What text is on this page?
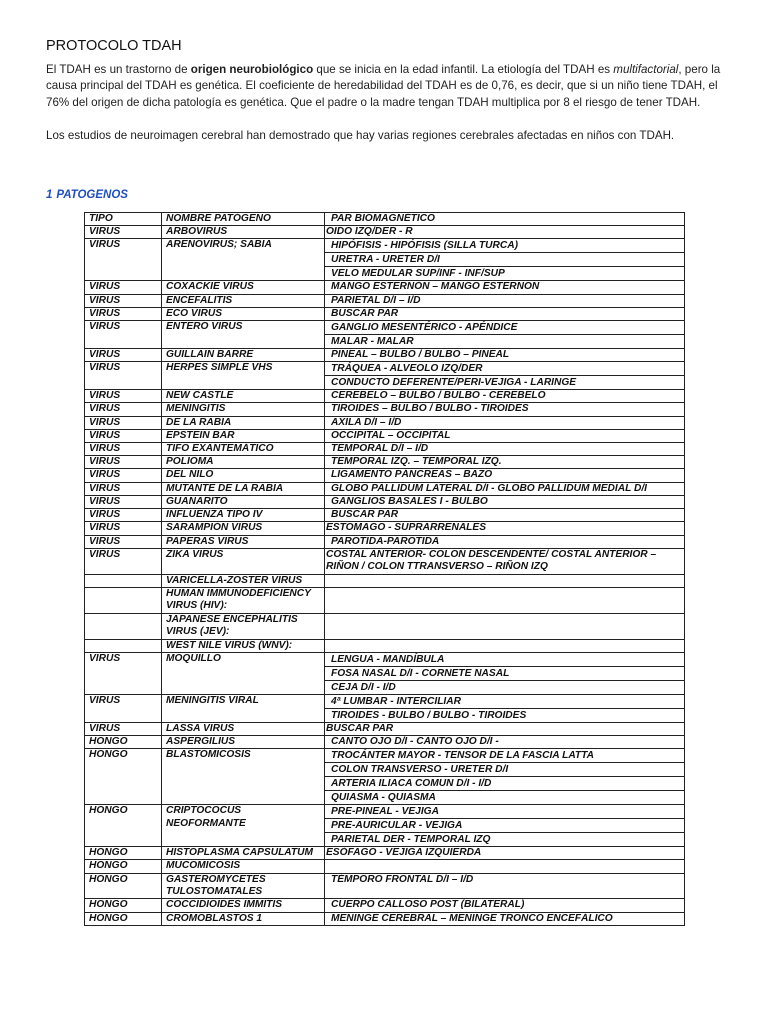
PROTOCOLO TDAH
El TDAH es un trastorno de origen neurobiológico que se inicia en la edad infantil. La etiología del TDAH es multifactorial, pero la causa principal del TDAH es genética. El coeficiente de heredabilidad del TDAH es de 0,76, es decir, que si un niño tiene TDAH, el 76% del origen de dicha patología es genética. Que el padre o la madre tengan TDAH multiplica por 8 el riesgo de tener TDAH.
Los estudios de neuroimagen cerebral han demostrado que hay varias regiones cerebrales afectadas en niños con TDAH.
1 PATOGENOS
TIPO	NOMBRE PATÓGENO	PAR BIOMAGNÉTICO
VIRUS	ARBOVIRUS	OIDO IZQ/DER - R
VIRUS	ARENOVIRUS; SABIA	HIPÓFISIS - HIPÓFISIS (SILLA TURCA)
URETRA - URETER D/I
VELO MEDULAR SUP/INF - INF/SUP

VIRUS	COXACKIE VIRUS	MANGO ESTERNÓN – MANGO ESTERNON
VIRUS	ENCEFALITIS	PARIETAL D/I – I/D
VIRUS	ECO VIRUS	BUSCAR PAR
VIRUS	ENTERO VIRUS	GANGLIO MESENTÉRICO - APÉNDICE
MALAR - MALAR

VIRUS	GUILLAIN BARRE	PINEAL – BULBO / BULBO – PINEAL
VIRUS	HERPES SIMPLE VHS	TRÁQUEA - ALVEOLO IZQ/DER
CONDUCTO DEFERENTE/PERI-VEJIGA - LARINGE

VIRUS	NEW CASTLE	CEREBELO – BULBO / BULBO - CEREBELO
VIRUS	MENINGITIS	TIROIDES – BULBO / BULBO - TIROIDES
VIRUS	DE LA RABIA	AXILA D/I – I/D
VIRUS	EPSTEIN BAR	OCCIPITAL – OCCIPITAL
VIRUS	TIFO EXANTEMÁTICO	TEMPORAL D/I – I/D
VIRUS	POLIOMA	TEMPORAL IZQ. – TEMPORAL IZQ.
VIRUS	DEL NILO	LIGAMENTO PÁNCREAS – BAZO
VIRUS	MUTANTE DE LA RABIA	GLOBO PALLIDUM LATERAL D/I - GLOBO PALLIDUM MEDIAL D/I
VIRUS	GUANARITO	GANGLIOS BASALES I - BULBO
VIRUS	INFLUENZA TIPO IV	BUSCAR PAR
VIRUS	SARAMPIÓN VIRUS	ESTOMAGO - SUPRARRENALES
VIRUS	PAPERAS VIRUS	PAROTIDA-PAROTIDA
VIRUS	ZIKA VIRUS	COSTAL ANTERIOR- COLON DESCENDENTE/ COSTAL ANTERIOR – RIÑON / COLON TTRANSVERSO – RIÑON IZQ
	VARICELLA-ZOSTER VIRUS	
	HUMAN IMMUNODEFICIENCY VIRUS (HIV):	
	JAPANESE ENCEPHALITIS VIRUS (JEV):	
	WEST NILE VIRUS (WNV):	
VIRUS	MOQUILLO	LENGUA - MANDÍBULA
FOSA NASAL D/I - CORNETE NASAL
CEJA D/I - I/D

VIRUS	MENINGITIS VIRAL	4ª LUMBAR - INTERCILIAR
TIROIDES - BULBO / BULBO - TIROIDES

VIRUS	LASSA VIRUS	BUSCAR PAR
HONGO	ASPERGILIUS	CANTO OJO D/I - CANTO OJO D/I -
HONGO	BLASTOMICOSIS	TROCÁNTER MAYOR - TENSOR DE LA FASCIA LATTA
COLON TRANSVERSO - URETER D/I
ARTERIA ILIACA COMUN D/I - I/D
QUIASMA - QUIASMA

HONGO	CRIPTOCOCUS NEOFORMANTE	PRE-PINEAL - VEJIGA
PRE-AURICULAR - VEJIGA
PARIETAL DER - TEMPORAL IZQ

HONGO	HISTOPLASMA CAPSULATUM	ESÓFAGO - VEJIGA IZQUIERDA
HONGO	MUCOMICOSIS	
HONGO	GASTEROMYCETES TULOSTOMATALES	TÉMPORO FRONTAL D/I – I/D
HONGO	COCCIDIOIDES IMMITIS	CUERPO CALLOSO POST (BILATERAL)
HONGO	CROMOBLASTOS 1	MENINGE CEREBRAL – MENINGE TRONCO ENCEFÁLICO
